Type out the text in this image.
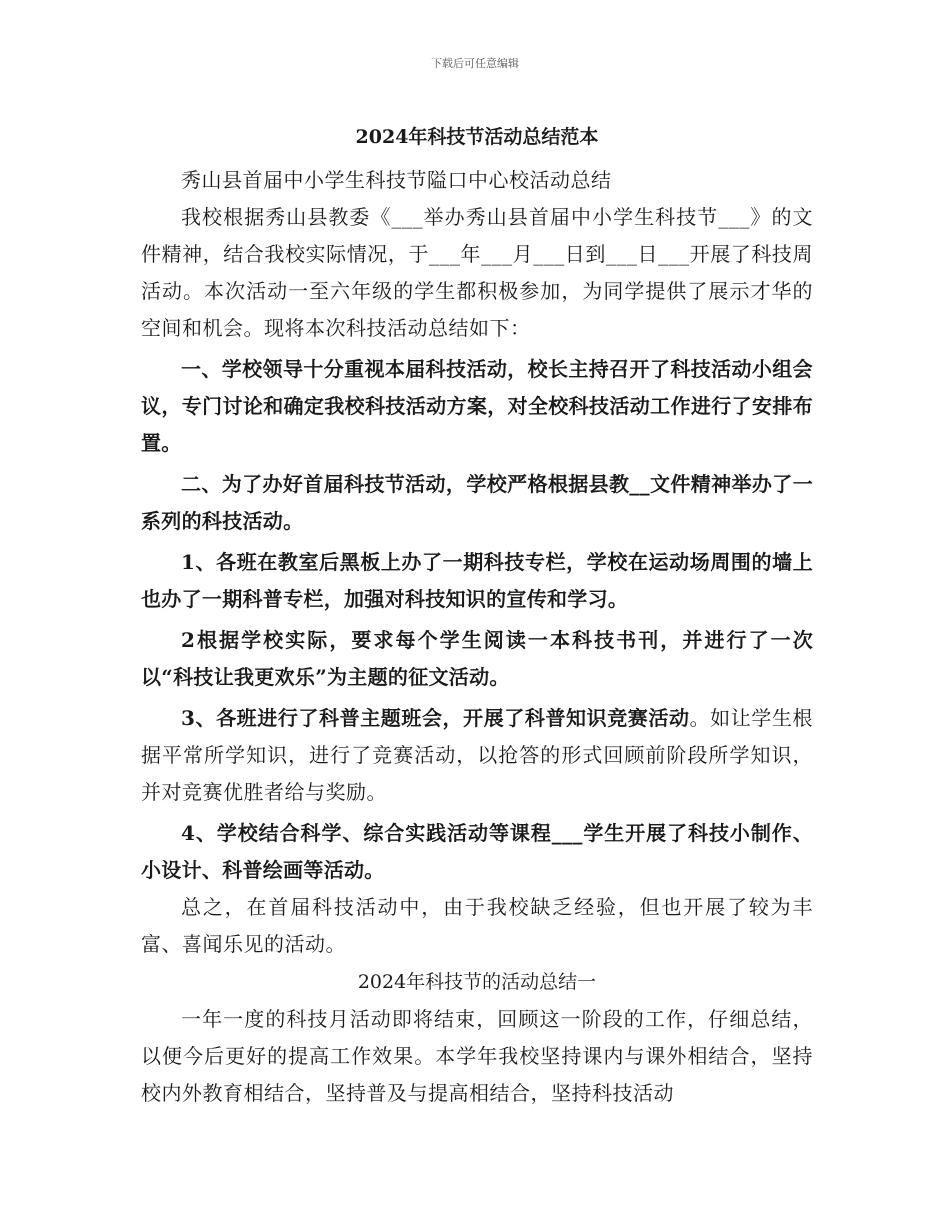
下载后可任意编辑
2024年科技节活动总结范本

秀山县首届中小学生科技节隘口中心校活动总结

我校根据秀山县教委《___举办秀山县首届中小学生科技节___》的文件精神，结合我校实际情况，于___年___月___日到___日___开展了科技周活动。本次活动一至六年级的学生都积极参加，为同学提供了展示才华的空间和机会。现将本次科技活动总结如下：

一、学校领导十分重视本届科技活动，校长主持召开了科技活动小组会议，专门讨论和确定我校科技活动方案，对全校科技活动工作进行了安排布置。

二、为了办好首届科技节活动，学校严格根据县教__文件精神举办了一系列的科技活动。

1、各班在教室后黑板上办了一期科技专栏，学校在运动场周围的墙上也办了一期科普专栏，加强对科技知识的宣传和学习。

2根据学校实际，要求每个学生阅读一本科技书刊，并进行了一次以“科技让我更欢乐”为主题的征文活动。

3、各班进行了科普主题班会，开展了科普知识竞赛活动。如让学生根据平常所学知识，进行了竞赛活动，以抢答的形式回顾前阶段所学知识，并对竞赛优胜者给与奖励。

4、学校结合科学、综合实践活动等课程___学生开展了科技小制作、小设计、科普绘画等活动。

总之，在首届科技活动中，由于我校缺乏经验，但也开展了较为丰富、喜闻乐见的活动。

2024年科技节的活动总结一

一年一度的科技月活动即将结束，回顾这一阶段的工作，仔细总结，以便今后更好的提高工作效果。本学年我校坚持课内与课外相结合，坚持校内外教育相结合，坚持普及与提高相结合，坚持科技活动
